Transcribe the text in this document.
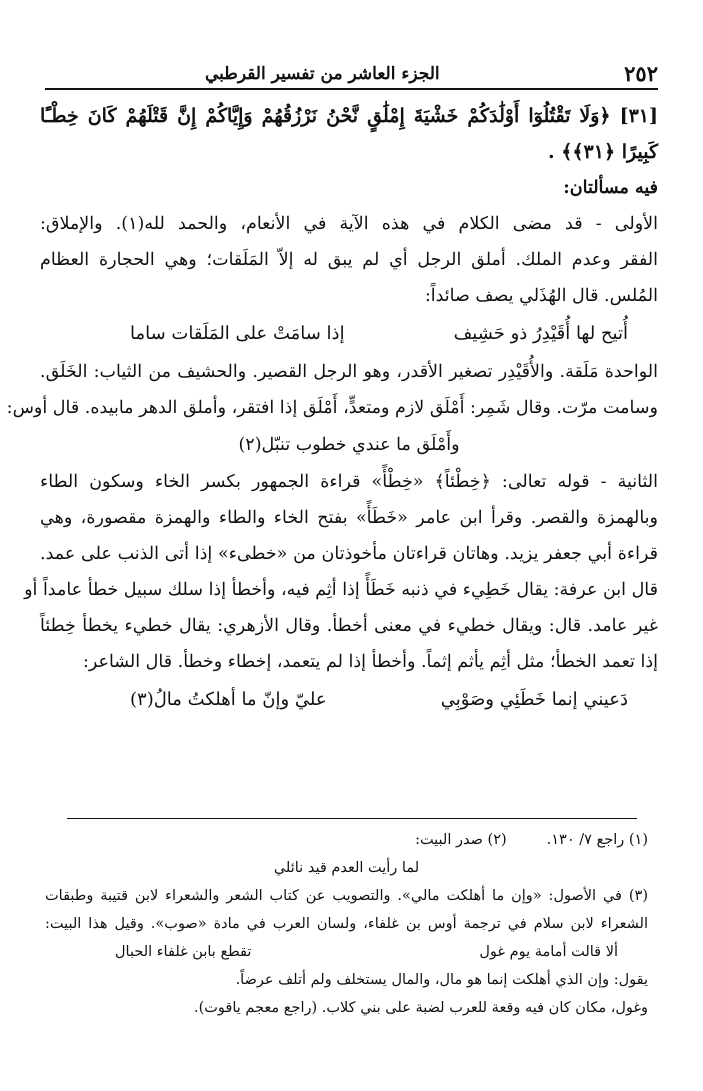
٢٥٢
الجزء العاشر من تفسير القرطبي
[٣١] ﴿وَلَا تَقْتُلُوٓا أَوْلَٰدَكُمْ خَشْيَةَ إِمْلَٰقٍ نَّحْنُ نَرْزُقُهُمْ وَإِيَّاكُمْ إِنَّ قَتْلَهُمْ كَانَ خِطْـًٔا
كَبِيرًا ﴿٣١﴾﴾ .
فيه مسألتان:
الأولى - قد مضى الكلام في هذه الآية في الأنعام، والحمد لله(١). والإملاق:
الفقر وعدم الملك. أملق الرجل أي لم يبق له إلاّ المَلَقات؛ وهي الحجارة العظام
المُلس. قال الهُذَلي يصف صائداً:
أُتيح لها أُقَيْدِرُ ذو حَشِيف
إذا سامَتْ على المَلَقات ساما
الواحدة مَلَقة. والأُقَيْدِر تصغير الأقدر، وهو الرجل القصير. والحشيف من الثياب: الخَلَق.
وسامت مرّت. وقال شَمِر: أَمْلَق لازم ومتعدٍّ، أَمْلَق إذا افتقر، وأملق الدهر مابيده. قال أوس:
وأَمْلَق ما عندي خطوب تنبّل(٢)
الثانية - قوله تعالى: ﴿خِطْئاً﴾ «خِطْأً» قراءة الجمهور بكسر الخاء وسكون الطاء
وبالهمزة والقصر. وقرأ ابن عامر «خَطَأً» بفتح الخاء والطاء والهمزة مقصورة، وهي
قراءة أبي جعفر يزيد. وهاتان قراءتان مأخوذتان من «خطىء» إذا أتى الذنب على عمد.
قال ابن عرفة: يقال خَطِيء في ذنبه خَطَأً إذا أثِم فيه، وأخطأ إذا سلك سبيل خطأ عامداً أو
غير عامد. قال: ويقال خطيء في معنى أخطأ. وقال الأزهري: يقال خطيء يخطأ خِطئاً
إذا تعمد الخطأ؛ مثل أثِم يأثم إثماً. وأخطأ إذا لم يتعمد، إخطاء وخطأ. قال الشاعر:
دَعيني إنما خَطَئِي وصَوْبِي
عليّ وإنّ ما أهلكتُ مالُ(٣)
(١) راجع ٧/ ١٣٠.(٢) صدر البيت:
لما رأيت العدم قيد نائلي
(٣) في الأصول: «وإن ما أهلكت مالي». والتصويب عن كتاب الشعر والشعراء لابن قتيبة وطبقات
الشعراء لابن سلام في ترجمة أوس بن غلفاء، ولسان العرب في مادة «صوب». وقيل هذا البيت:
ألا قالت أمامة يوم غول
تقطع بابن غلفاء الحبال
يقول: وإن الذي أهلكت إنما هو مال، والمال يستخلف ولم أتلف عرضاً.
وغول، مكان كان فيه وقعة للعرب لضبة على بني كلاب. (راجع معجم ياقوت).
